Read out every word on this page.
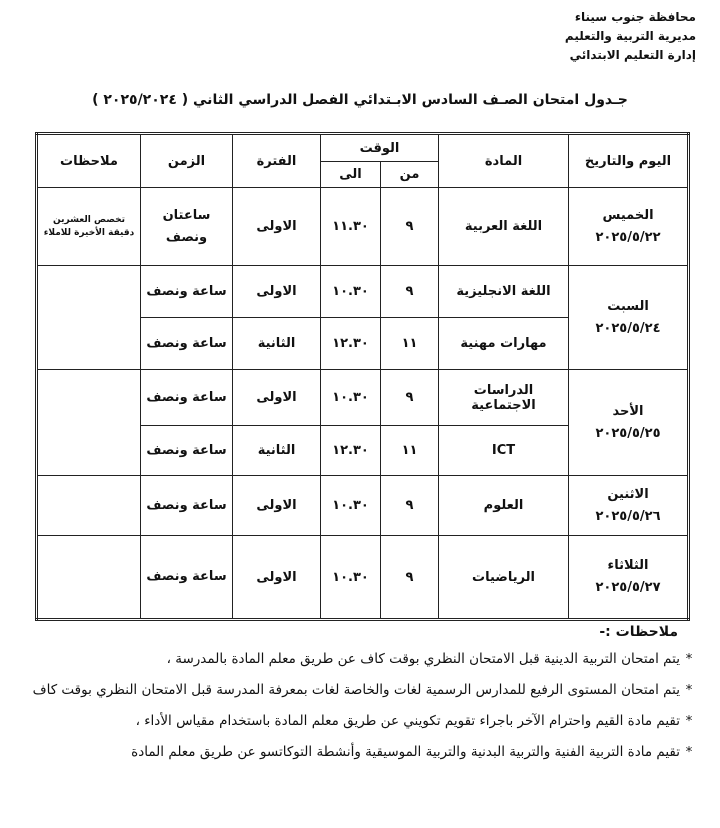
محافظة جنوب سيناء
مديرية التربية والتعليم
إدارة التعليم الابتدائي
جـدول امتحان الصـف السادس الابـتدائي الفصل الدراسي الثاني ( ٢٠٢٥/٢٠٢٤ )
اليوم والتاريخ	المادة	الوقت		الفترة	الزمن	ملاحظات
		من	الى			

الخميس
٢٠٢٥/٥/٢٢	اللغة العربية	٩	١١.٣٠	الاولى	ساعتان ونصف	تخصص العشرين دقيقة الأخيرة للاملاء

السبت
٢٠٢٥/٥/٢٤	اللغة الانجليزية	٩	١٠.٣٠	الاولى	ساعة ونصف	
	مهارات مهنية	١١	١٢.٣٠	الثانية	ساعة ونصف	

الأحد
٢٠٢٥/٥/٢٥	الدراسات الاجتماعية	٩	١٠.٣٠	الاولى	ساعة ونصف	
	ICT	١١	١٢.٣٠	الثانية	ساعة ونصف	

الاثنين
٢٠٢٥/٥/٢٦	العلوم	٩	١٠.٣٠	الاولى	ساعة ونصف	

الثلاثاء
٢٠٢٥/٥/٢٧	الرياضيات	٩	١٠.٣٠	الاولى	ساعة ونصف	
ملاحظات :-
*
يتم امتحان التربية الدينية قبل الامتحان النظري بوقت كاف عن طريق معلم المادة بالمدرسة ،
*
يتم امتحان المستوى الرفيع للمدارس الرسمية لغات والخاصة لغات بمعرفة المدرسة قبل الامتحان النظري بوقت كاف
*
تقيم مادة القيم واحترام الآخر باجراء تقويم تكويني عن طريق معلم المادة باستخدام مقياس الأداء ،
*
تقيم مادة التربية الفنية والتربية البدنية والتربية الموسيقية وأنشطة التوكاتسو عن طريق معلم المادة
